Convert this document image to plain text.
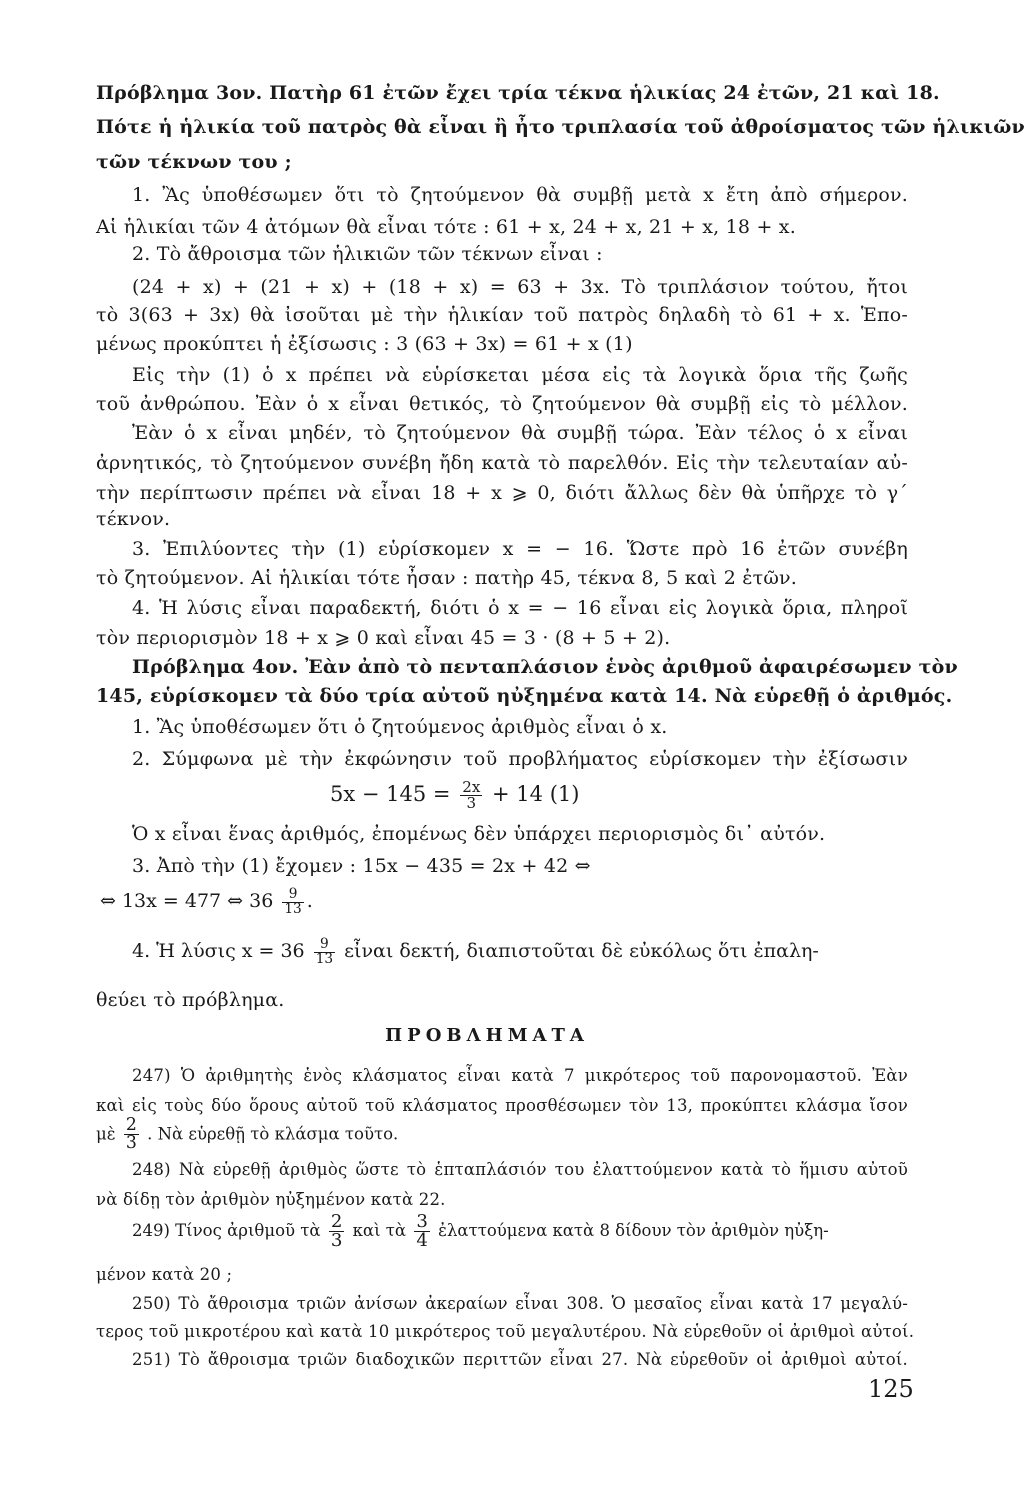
Πρόβλημα 3ον. Πατὴρ 61 ἐτῶν ἔχει τρία τέκνα ἡλικίας 24 ἐτῶν, 21 καὶ 18.
Πότε ἡ ἡλικία τοῦ πατρὸς θὰ εἶναι ἢ ἦτο τριπλασία τοῦ ἀθροίσματος τῶν ἡλικιῶν
τῶν τέκνων του ;
1. Ἂς ὑποθέσωμεν ὅτι τὸ ζητούμενον θὰ συμβῇ μετὰ x ἔτη ἀπὸ σήμερον.
Αἱ ἡλικίαι τῶν 4 ἀτόμων θὰ εἶναι τότε : 61 + x, 24 + x, 21 + x, 18 + x.
2. Τὸ ἄθροισμα τῶν ἡλικιῶν τῶν τέκνων εἶναι :
(24 + x) + (21 + x) + (18 + x) = 63 + 3x. Τὸ τριπλάσιον τούτου, ἤτοι
τὸ 3(63 + 3x) θὰ ἰσοῦται μὲ τὴν ἡλικίαν τοῦ πατρὸς δηλαδὴ τὸ 61 + x. Ἑπο-
μένως προκύπτει ἡ ἐξίσωσις : 3 (63 + 3x) = 61 + x (1)
Εἰς τὴν (1) ὁ x πρέπει νὰ εὑρίσκεται μέσα εἰς τὰ λογικὰ ὅρια τῆς ζωῆς
τοῦ ἀνθρώπου. Ἐὰν ὁ x εἶναι θετικός, τὸ ζητούμενον θὰ συμβῇ εἰς τὸ μέλλον.
Ἐὰν ὁ x εἶναι μηδέν, τὸ ζητούμενον θὰ συμβῇ τώρα. Ἐὰν τέλος ὁ x εἶναι
ἀρνητικός, τὸ ζητούμενον συνέβη ἤδη κατὰ τὸ παρελθόν. Εἰς τὴν τελευταίαν αὐ-
τὴν περίπτωσιν πρέπει νὰ εἶναι 18 + x ⩾ 0, διότι ἄλλως δὲν θὰ ὑπῆρχε τὸ γ΄
τέκνον.
3. Ἐπιλύοντες τὴν (1) εὑρίσκομεν x = − 16. Ὥστε πρὸ 16 ἐτῶν συνέβη
τὸ ζητούμενον. Αἱ ἡλικίαι τότε ἦσαν : πατὴρ 45, τέκνα 8, 5 καὶ 2 ἐτῶν.
4. Ἡ λύσις εἶναι παραδεκτή, διότι ὁ x = − 16 εἶναι εἰς λογικὰ ὅρια, πληροῖ
τὸν περιορισμὸν 18 + x ⩾ 0 καὶ εἶναι 45 = 3 · (8 + 5 + 2).
Πρόβλημα 4ον. Ἐὰν ἀπὸ τὸ πενταπλάσιον ἑνὸς ἀριθμοῦ ἀφαιρέσωμεν τὸν
145, εὑρίσκομεν τὰ δύο τρία αὐτοῦ ηὐξημένα κατὰ 14. Νὰ εὑρεθῇ ὁ ἀριθμός.
1. Ἂς ὑποθέσωμεν ὅτι ὁ ζητούμενος ἀριθμὸς εἶναι ὁ x.
2. Σύμφωνα μὲ τὴν ἐκφώνησιν τοῦ προβλήματος εὑρίσκομεν τὴν ἐξίσωσιν
$5x - 145 = \frac{2x}{3} + 14$ (1)
Ὁ x εἶναι ἕνας ἀριθμός, ἐπομένως δὲν ὑπάρχει περιορισμὸς δι᾿ αὐτόν.
3. Ἀπὸ τὴν (1) ἔχομεν : 15x − 435 = 2x + 42 ⇔
⇔ 13x = 477 ⇔ $36 \frac{9}{13}$ .
4. Ἡ λύσις $x = 36 \frac{9}{13}$ εἶναι δεκτή, διαπιστοῦται δὲ εὐκόλως ὅτι ἐπαλη-
θεύει τὸ πρόβλημα.
ΠΡΟΒΛΗΜΑΤΑ
247) Ὁ ἀριθμητὴς ἑνὸς κλάσματος εἶναι κατὰ 7 μικρότερος τοῦ παρονομαστοῦ. Ἐὰν
καὶ εἰς τοὺς δύο ὅρους αὐτοῦ τοῦ κλάσματος προσθέσωμεν τὸν 13, προκύπτει κλάσμα ἴσον
μὲ $\frac{2}{3}$ . Νὰ εὑρεθῇ τὸ κλάσμα τοῦτο.
248) Νὰ εὑρεθῇ ἀριθμὸς ὥστε τὸ ἑπταπλάσιόν του ἐλαττούμενον κατὰ τὸ ἥμισυ αὐτοῦ
νὰ δίδῃ τὸν ἀριθμὸν ηὐξημένον κατὰ 22.
249) Τίνος ἀριθμοῦ τὰ $\frac{2}{3}$ καὶ τὰ $\frac{3}{4}$ ἐλαττούμενα κατὰ 8 δίδουν τὸν ἀριθμὸν ηὐξη-
μένον κατὰ 20 ;
250) Τὸ ἄθροισμα τριῶν ἀνίσων ἀκεραίων εἶναι 308. Ὁ μεσαῖος εἶναι κατὰ 17 μεγαλύ-
τερος τοῦ μικροτέρου καὶ κατὰ 10 μικρότερος τοῦ μεγαλυτέρου. Νὰ εὑρεθοῦν οἱ ἀριθμοὶ αὐτοί.
251) Τὸ ἄθροισμα τριῶν διαδοχικῶν περιττῶν εἶναι 27. Νὰ εὑρεθοῦν οἱ ἀριθμοὶ αὐτοί.
125
